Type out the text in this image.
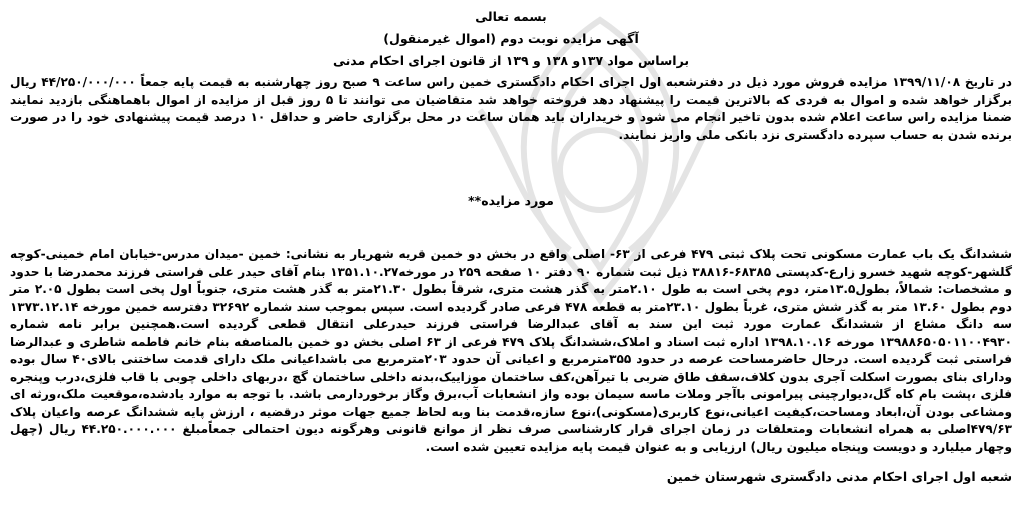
بسمه تعالی
آگهی مزایده نوبت دوم (اموال غیرمنقول)
براساس مواد ۱۳۷و ۱۳۸ و ۱۳۹ از قانون اجرای احکام مدنی

در تاریخ ۱۳۹۹/۱۱/۰۸ مزایده فروش مورد ذیل در دفترشعبه اول اجرای احکام دادگستری خمین راس ساعت ۹ صبح روز چهارشنبه به قیمت پایه جمعاً ۴۴/۲۵۰/۰۰۰/۰۰۰ ریال برگزار خواهد شده و اموال به فردی که بالاترین قیمت را پیشنهاد دهد فروخته خواهد شد متقاضیان می توانند تا ۵ روز قبل از مزایده از اموال باهماهنگی بازدید نمایند ضمنا مزایده راس ساعت اعلام شده بدون تاخیر انجام می شود و خریداران باید همان ساعت در محل برگزاری حاضر و حداقل ۱۰ درصد قیمت پیشنهادی خود را در صورت برنده شدن به حساب سپرده دادگستری نزد بانکی ملی واریز نمایند.

مورد مزایده**

ششدانگ یک باب عمارت مسکونی تحت پلاک ثبتی ۴۷۹ فرعی از ۶۳- اصلی واقع در بخش دو خمین قریه شهریار به نشانی: خمین -میدان مدرس-خیابان امام خمینی-کوچه گلشهر-کوچه شهید خسرو زارع-کدپستی ۶۸۳۸۵-۳۸۸۱۶ ذیل ثبت شماره ۹۰ دفتر ۱۰ صفحه ۲۵۹ در مورخه۱۳۵۱.۱۰.۲۷ بنام آقای حیدر علی فراستی فرزند محمدرضا با حدود و مشخصات: شمالاً، بطول۱۳.۵متر، دوم پخی است به طول ۲.۱۰متر به گذر هشت متری، شرقاً بطول ۲۱.۳۰متر به گذر هشت متری، جنوباً اول پخی است بطول ۲.۰۵ متر دوم بطول ۱۳.۶۰ متر به گذر شش متری، غرباً بطول ۲۳.۱۰متر به قطعه ۴۷۸ فرعی صادر گردیده است. سپس بموجب سند شماره ۳۲۶۹۲ دفترسه خمین مورخه ۱۳۷۳.۱۲.۱۴ سه دانگ مشاع از ششدانگ عمارت مورد ثبت این سند به آقای عبدالرضا فراستی فرزند حیدرعلی انتقال قطعی گردیده است.همچنین برابر نامه شماره ۱۳۹۸۸۶۵۰۵۰۱۱۰۰۴۹۳۰ مورخه ۱۳۹۸.۱۰.۱۶ اداره ثبت اسناد و املاک،ششدانگ پلاک ۴۷۹ فرعی از ۶۳ اصلی بخش دو خمین بالمناصفه بنام خانم فاطمه شاطری و عبدالرضا فراستی ثبت گردیده است. درحال حاضرمساحت عرصه در حدود ۳۵۵مترمربع و اعیانی آن حدود ۲۰۳مترمربع می باشداعیانی ملک دارای قدمت ساختنی بالای۴۰ سال بوده ودارای بنای بصورت اسکلت آجری بدون کلاف،سقف طاق ضربی با تیرآهن،کف ساختمان موزاییک،بدنه داخلی ساختمان گچ ،دربهای داخلی چوبی با قاب فلزی،درب وپنجره فلزی ،پشت بام کاه گل،دیوارچینی پیرامونی باآجر وملات ماسه سیمان بوده واز انشعابات آب،برق وگاز برخوردارمی باشد. با توجه به موارد یادشده،موقعیت ملک،ورثه ای ومشاعی بودن آن،ابعاد ومساحت،کیفیت اعیانی،نوع کاربری(مسکونی)،نوع سازه،قدمت بنا وبه لحاظ جمیع جهات موثر درقضیه ، ارزش پایه ششدانگ عرصه واعیان پلاک ۴۷۹/۶۳اصلی به همراه انشعابات ومتعلقات در زمان اجرای قرار کارشناسی صرف نظر از موانع قانونی وهرگونه دیون احتمالی جمعاًمبلغ ۴۴.۲۵۰.۰۰۰.۰۰۰ ریال (چهل وچهار میلیارد و دویست وپنجاه میلیون ریال) ارزیابی و به عنوان قیمت پایه مزایده تعیین شده است.

شعبه اول اجرای احکام مدنی دادگستری شهرستان خمین
